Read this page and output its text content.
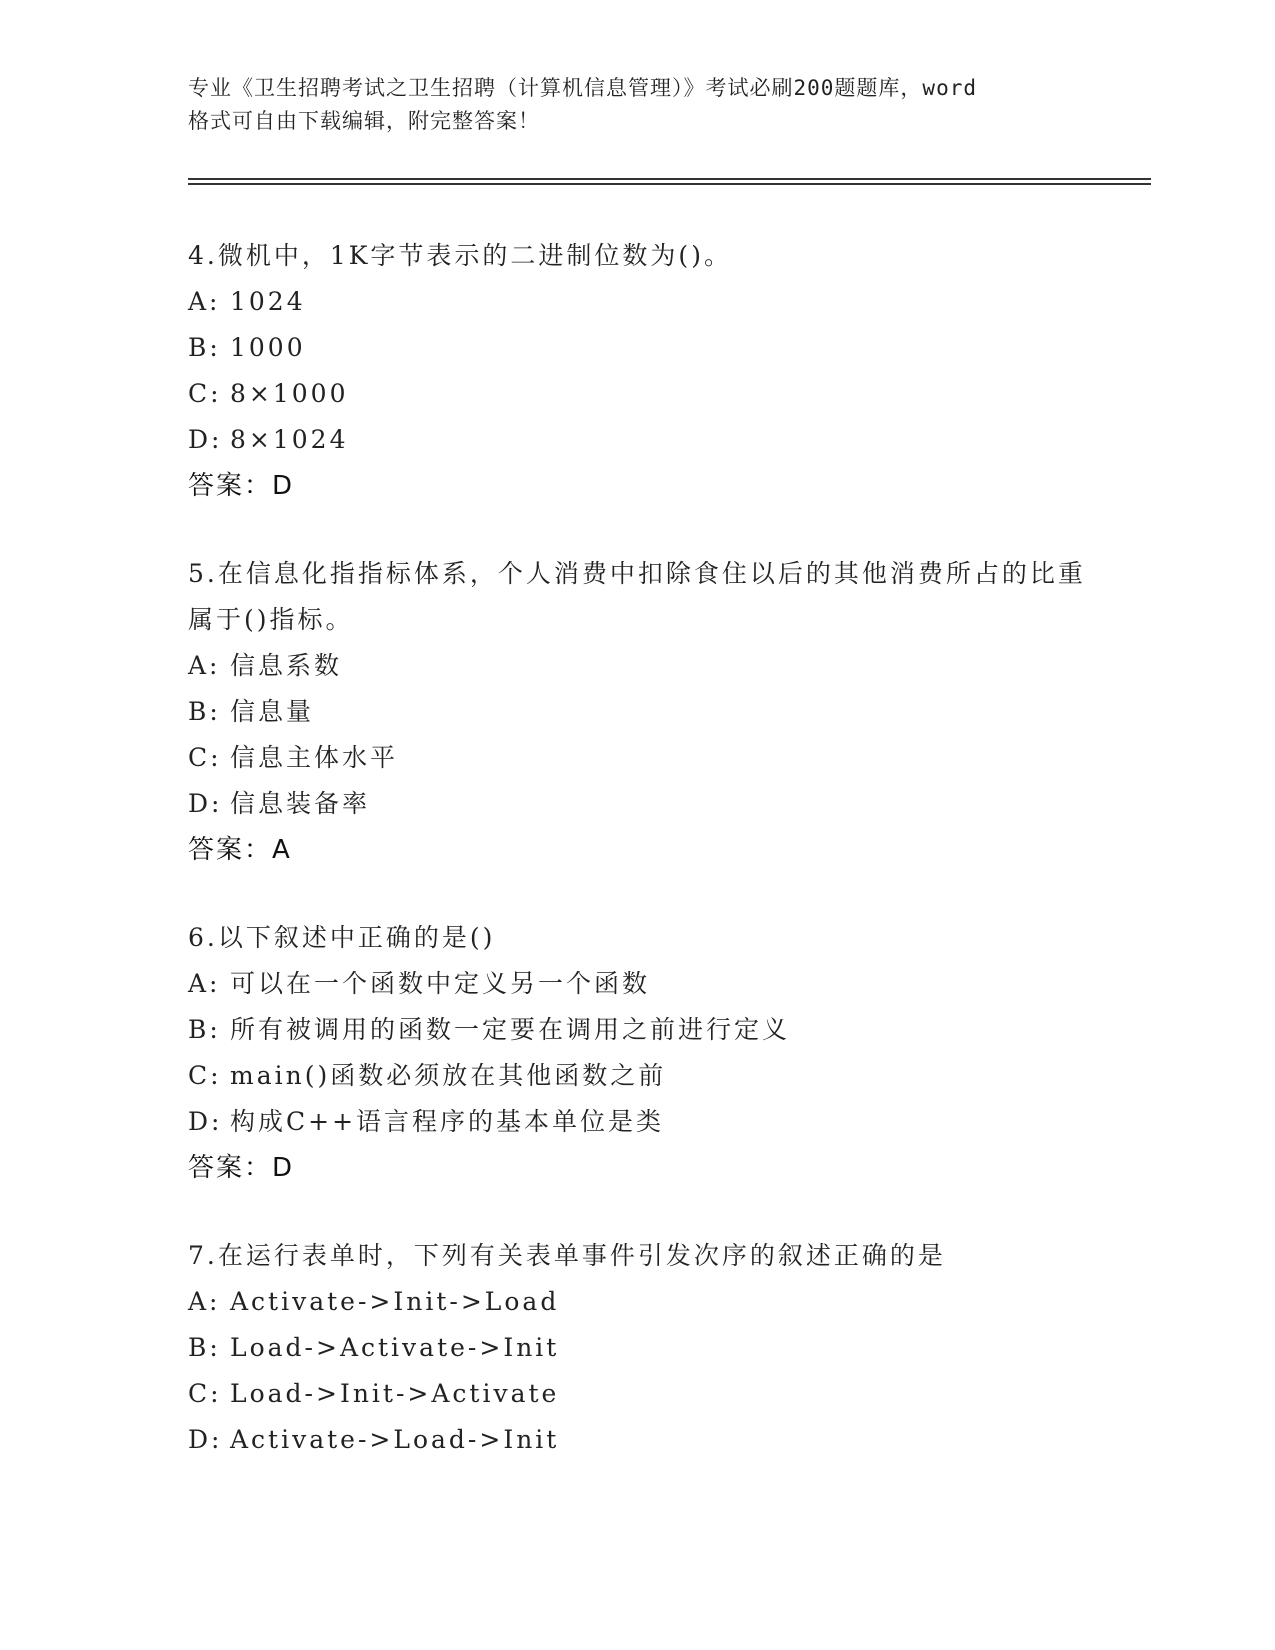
专业《卫生招聘考试之卫生招聘（计算机信息管理）》考试必刷200题题库，word
格式可自由下载编辑，附完整答案！

4.微机中，1K字节表示的二进制位数为()。

A: 1024

B: 1000

C: 8×1000

D: 8×1024

答案：D

5.在信息化指指标体系，个人消费中扣除食住以后的其他消费所占的比重属于()指标。

A: 信息系数

B: 信息量

C: 信息主体水平

D: 信息装备率

答案：A

6.以下叙述中正确的是()

A: 可以在一个函数中定义另一个函数

B: 所有被调用的函数一定要在调用之前进行定义

C: main()函数必须放在其他函数之前

D: 构成C++语言程序的基本单位是类

答案：D

7.在运行表单时，下列有关表单事件引发次序的叙述正确的是

A: Activate->Init->Load

B: Load->Activate->Init

C: Load->Init->Activate

D: Activate->Load->Init
